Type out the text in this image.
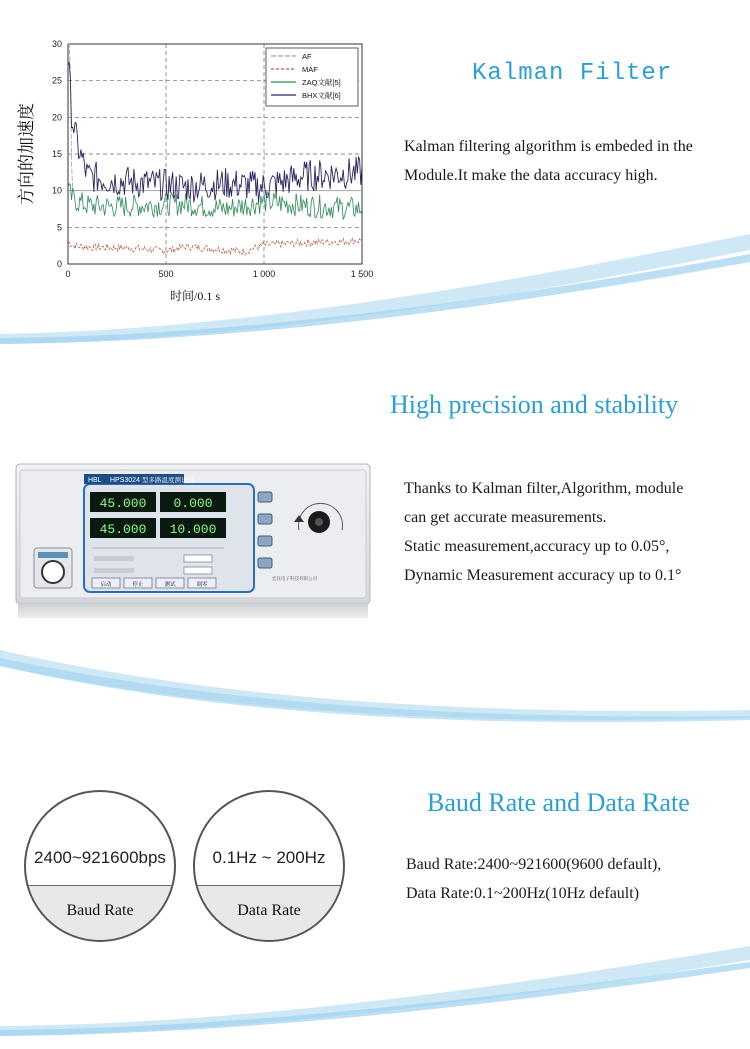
0
5
10
15
20
25
30
0	500	1 000	1 500
AF
MAF
ZAQ文献[5]
BHX文献[6]
时间/0.1 s
方向的加速度
Kalman Filter
Kalman filtering algorithm is embeded in the
Module.It make the data accuracy high.
High precision and stability
HBL HPS3024 型多路温度测试仪
45.000 0.000
45.000 10.000
启动	停止	测试	调零
宏钰电子科技有限公司
Thanks to Kalman filter,Algorithm, module
can get accurate measurements.
Static measurement,accuracy up to 0.05°,
Dynamic Measurement accuracy up to 0.1°
2400~921600bps
Baud Rate
0.1Hz ~ 200Hz
Data Rate
Baud Rate and Data Rate
Baud Rate:2400~921600(9600 default),
Data Rate:0.1~200Hz(10Hz default)
